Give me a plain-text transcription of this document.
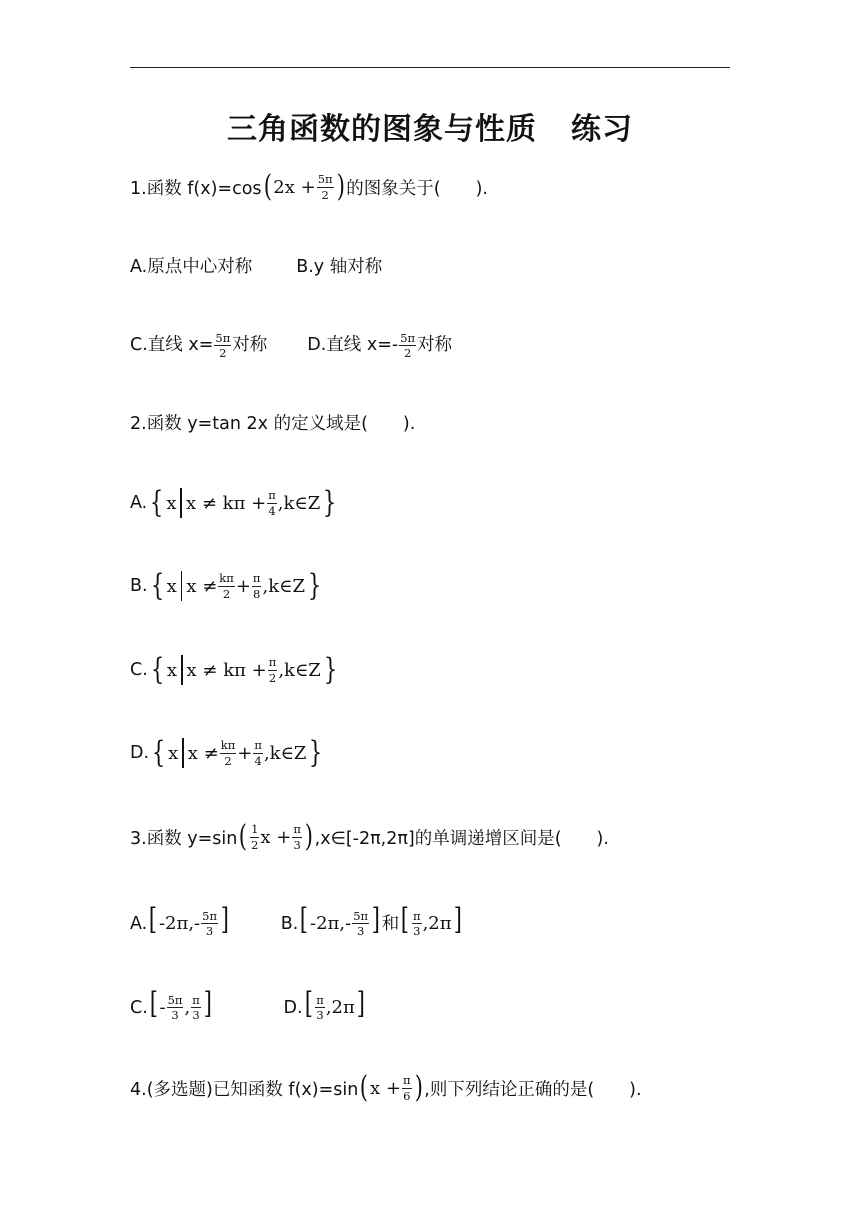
三角函数的图象与性质 练习
1.函数 f(x)=cos ( $2x + \frac{5\pi}{2}$ ) 的图象关于(　　).
A.原点中心对称	B.y 轴对称
C.直线 $x= \frac{5\pi}{2}$ 对称 D.直线 $x=- \frac{5\pi}{2}$ 对称
2.函数 y=tan 2x 的定义域是(　　).
A. { x $x \ne k\pi + \frac{\pi}{4}$ ,k∈Z }
B. { x $x \ne \frac{k\pi}{2} + \frac{\pi}{8}$ ,k∈Z }
C. { x $x \ne k\pi + \frac{\pi}{2}$ ,k∈Z }
D. { x $x \ne \frac{k\pi}{2} + \frac{\pi}{4}$ ,k∈Z }
3.函数 y=sin ( $\frac{1}{2}$ $x + \frac{\pi}{3}$ ) ,x∈[-2π,2π]的单调递增区间是(　　).
$A.[-2\pi,- \frac{5\pi}{3}$ ]	$B.[-2\pi,- \frac{5\pi}{3}$ ] 和[ $\frac{\pi}{3} ,2\pi$]
$C.[- \frac{5\pi}{3}$ , $\frac{\pi}{3}$ ]	$D.[ \frac{\pi}{3} ,2\pi]$
4.(多选题)已知函数 f(x)=sin ( $x + \frac{\pi}{6}$ ) ,则下列结论正确的是(　　).
